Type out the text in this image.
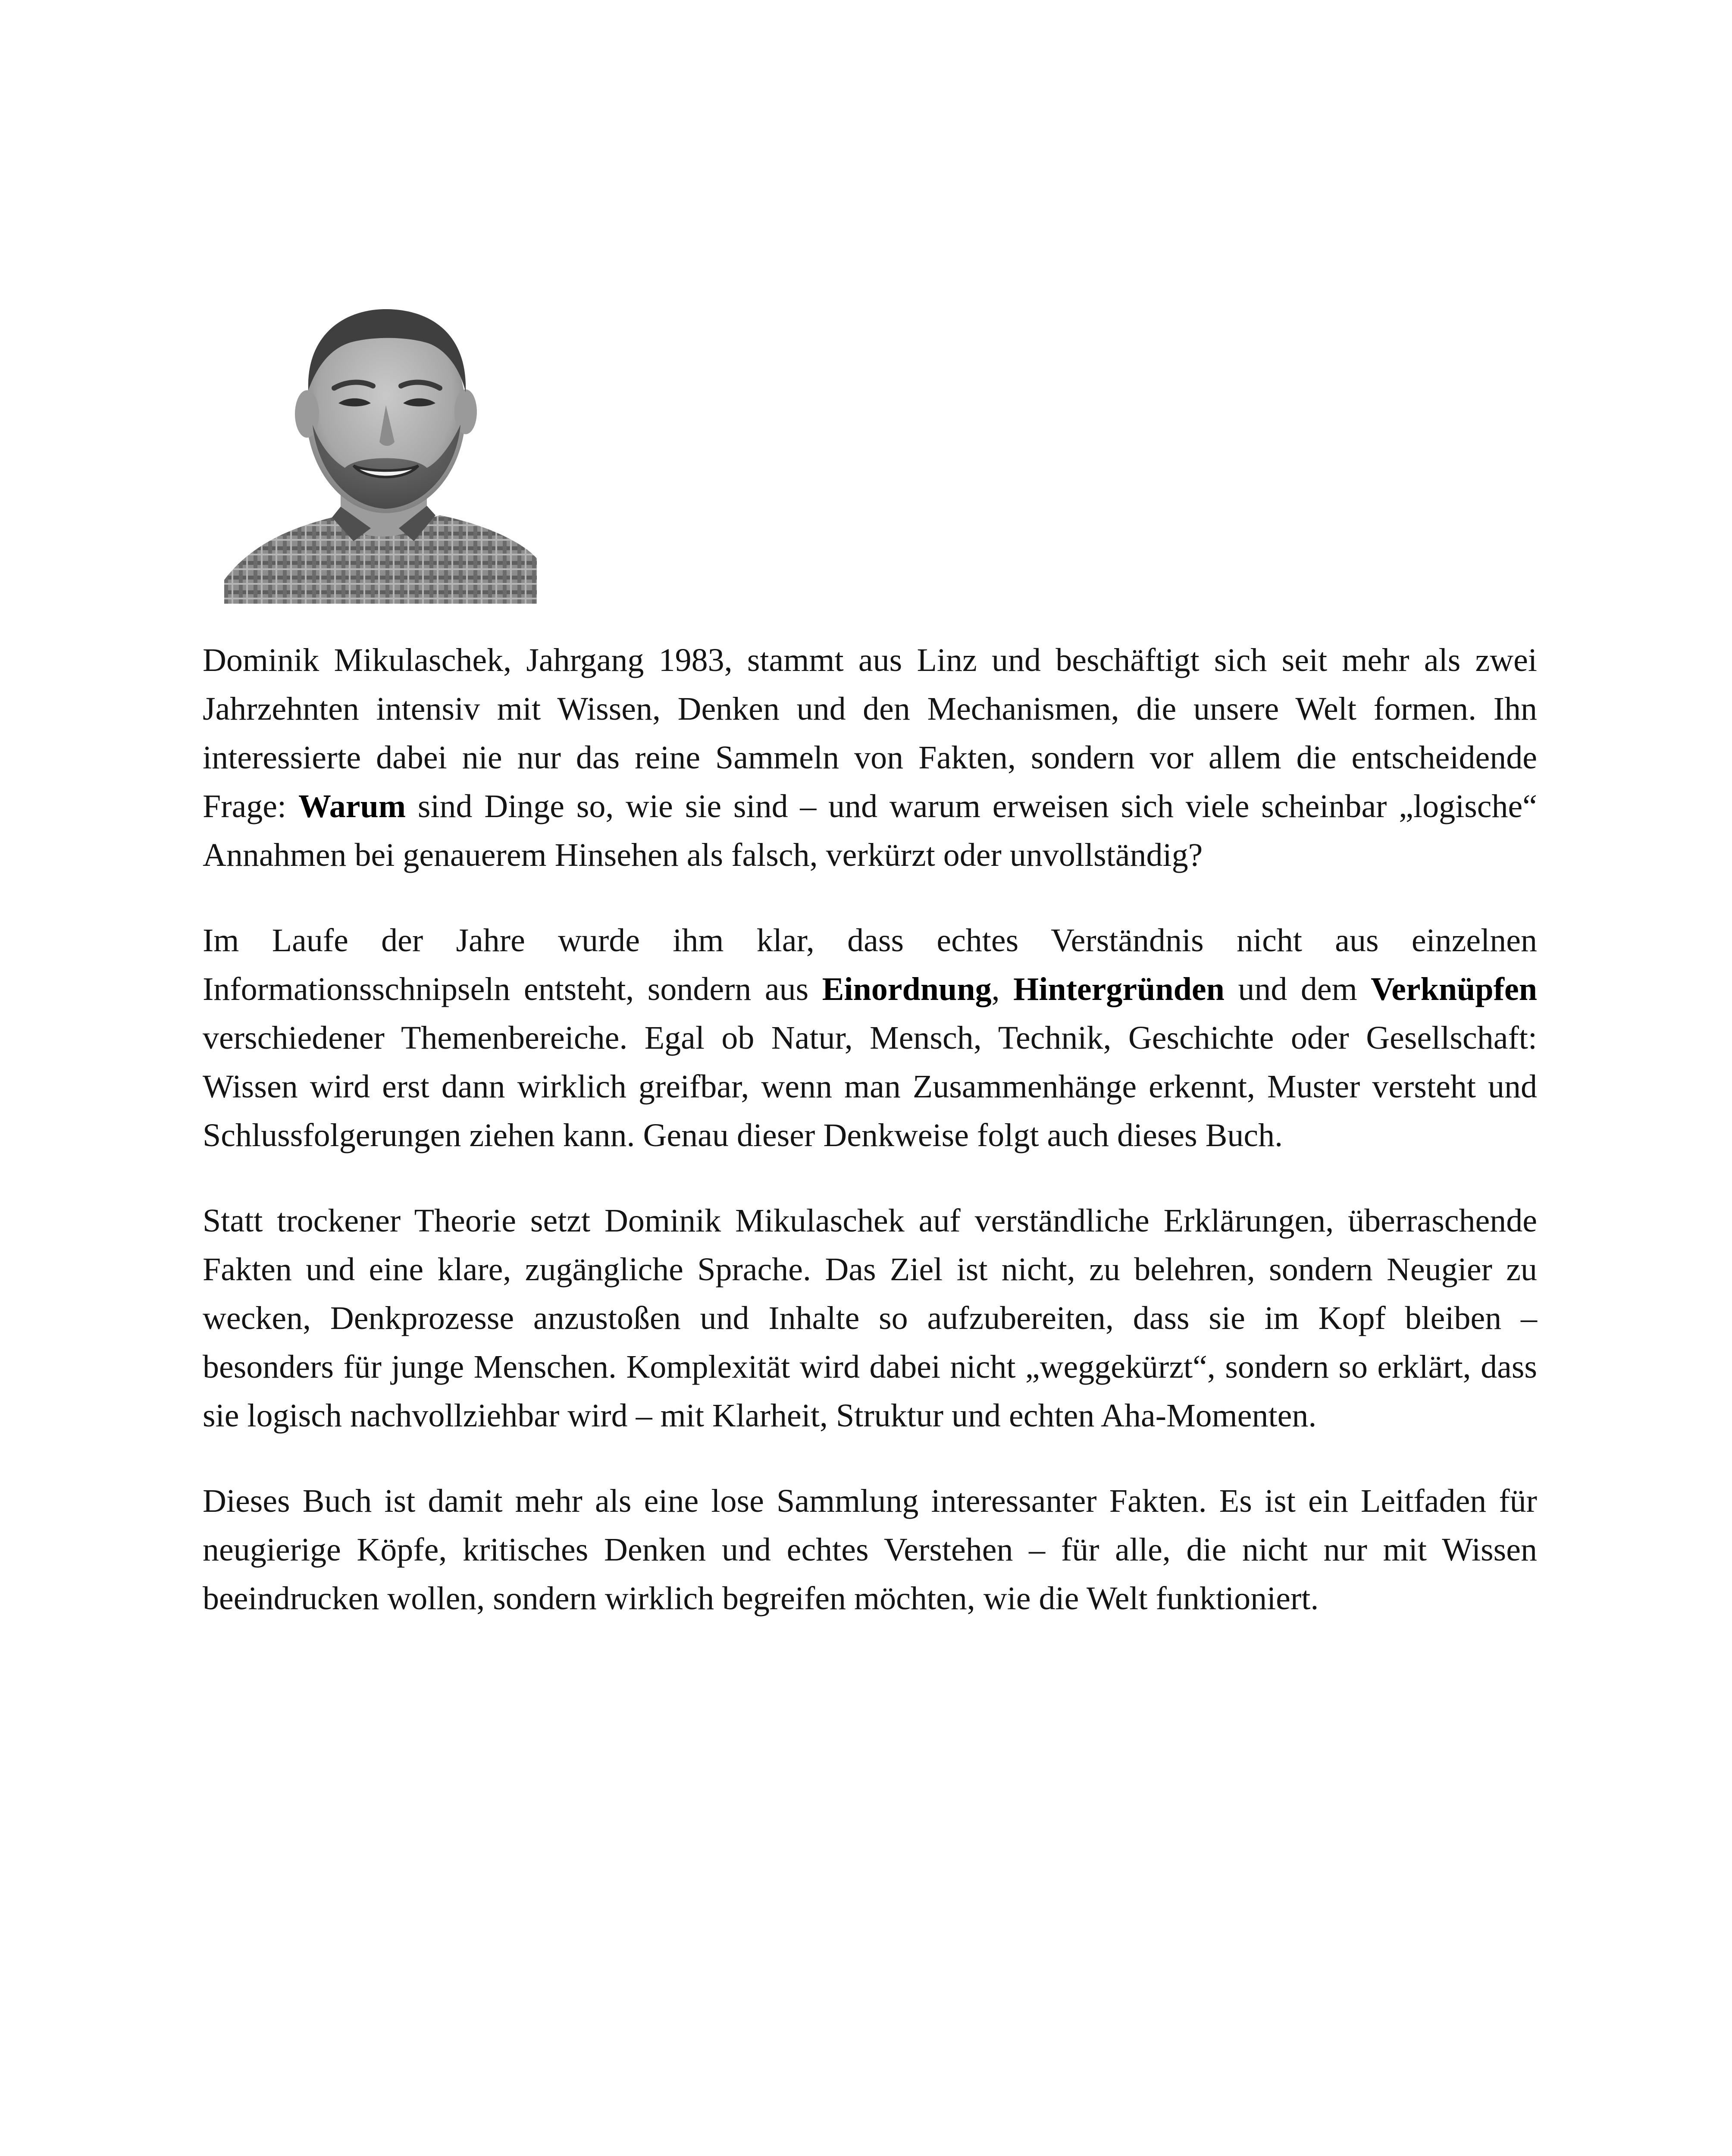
Dominik Mikulaschek, Jahrgang 1983, stammt aus Linz und beschäftigt sich seit mehr als zwei Jahrzehnten intensiv mit Wissen, Denken und den Mechanismen, die unsere Welt formen. Ihn interessierte dabei nie nur das reine Sammeln von Fakten, sondern vor allem die entscheidende Frage: Warum sind Dinge so, wie sie sind – und warum erweisen sich viele scheinbar „logische“ Annahmen bei genauerem Hinsehen als falsch, verkürzt oder unvollständig?

Im Laufe der Jahre wurde ihm klar, dass echtes Verständnis nicht aus einzelnen Informationsschnipseln entsteht, sondern aus Einordnung, Hintergründen und dem Verknüpfen verschiedener Themenbereiche. Egal ob Natur, Mensch, Technik, Geschichte oder Gesellschaft: Wissen wird erst dann wirklich greifbar, wenn man Zusammenhänge erkennt, Muster versteht und Schlussfolgerungen ziehen kann. Genau dieser Denkweise folgt auch dieses Buch.

Statt trockener Theorie setzt Dominik Mikulaschek auf verständliche Erklärungen, überraschende Fakten und eine klare, zugängliche Sprache. Das Ziel ist nicht, zu belehren, sondern Neugier zu wecken, Denkprozesse anzustoßen und Inhalte so aufzubereiten, dass sie im Kopf bleiben – besonders für junge Menschen. Komplexität wird dabei nicht „weggekürzt“, sondern so erklärt, dass sie logisch nachvollziehbar wird – mit Klarheit, Struktur und echten Aha-Momenten.

Dieses Buch ist damit mehr als eine lose Sammlung interessanter Fakten. Es ist ein Leitfaden für neugierige Köpfe, kritisches Denken und echtes Verstehen – für alle, die nicht nur mit Wissen beeindrucken wollen, sondern wirklich begreifen möchten, wie die Welt funktioniert.
